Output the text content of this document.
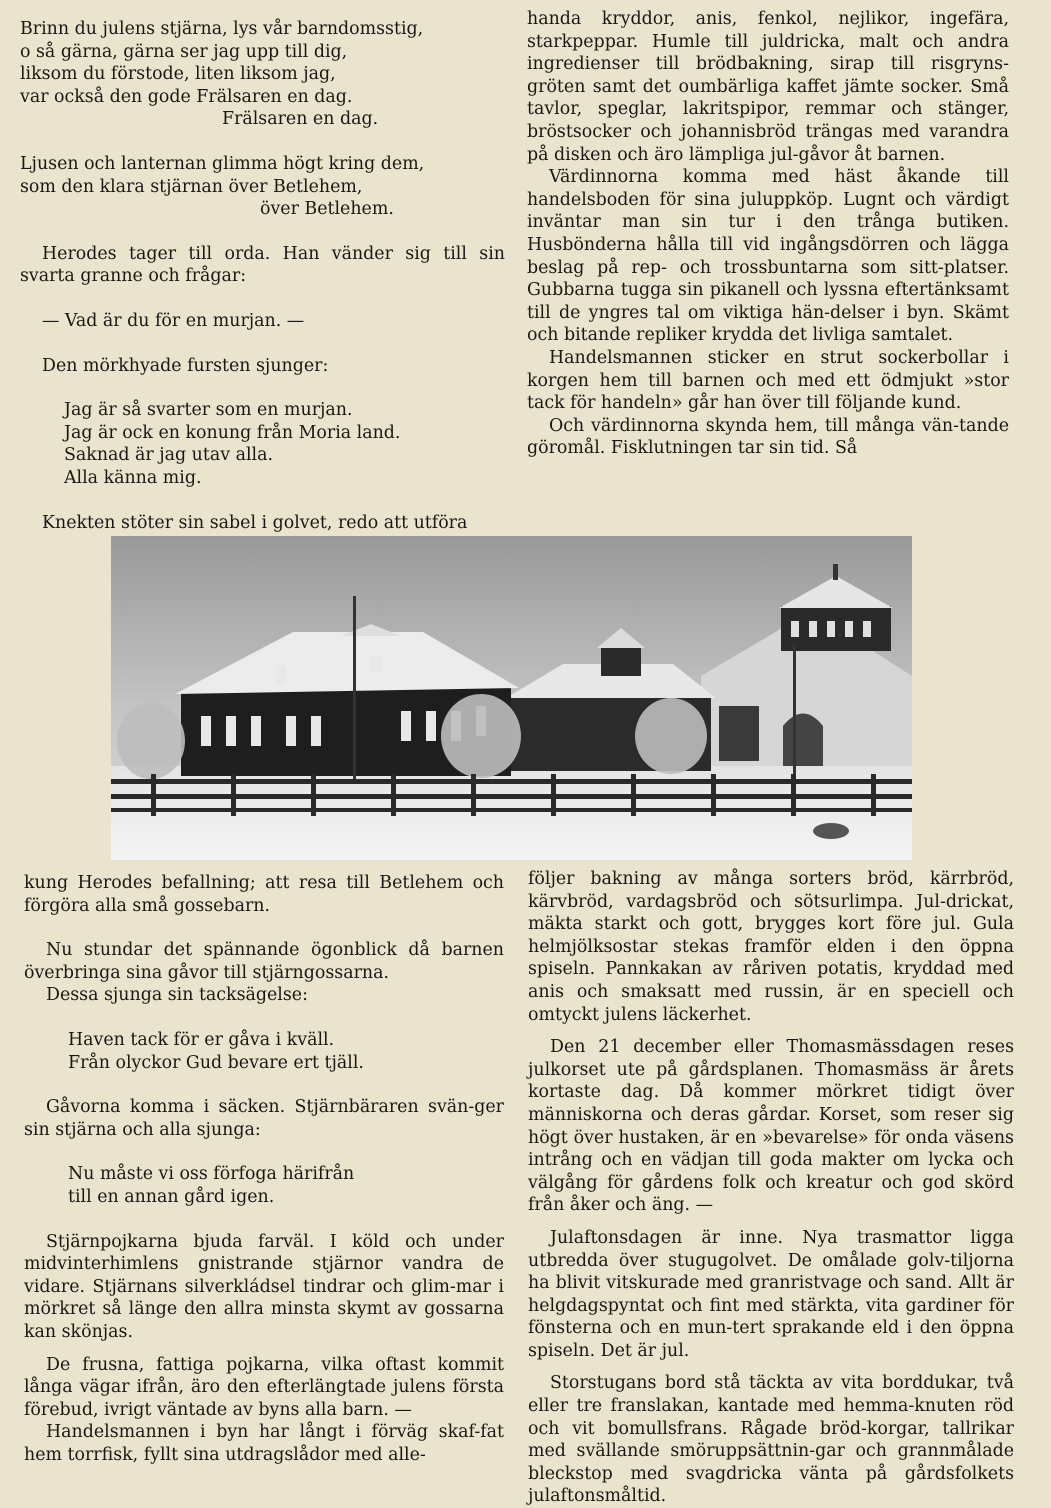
Brinn du julens stjärna, lys vår barndomsstig,

o så gärna, gärna ser jag upp till dig,

liksom du förstode, liten liksom jag,

var också den gode Frälsaren en dag.

Frälsaren en dag.

Ljusen och lanternan glimma högt kring dem,

som den klara stjärnan över Betlehem,

över Betlehem.

Herodes tager till orda. Han vänder sig till sin svarta granne och frågar:

— Vad är du för en murjan. —

Den mörkhyade fursten sjunger:

Jag är så svarter som en murjan.

Jag är ock en konung från Moria land.

Saknad är jag utav alla.

Alla känna mig.

Knekten stöter sin sabel i golvet, redo att utföra

handa kryddor, anis, fenkol, nejlikor, ingefära, starkpeppar. Humle till juldricka, malt och andra ingredienser till brödbakning, sirap till risgryns-gröten samt det oumbärliga kaffet jämte socker. Små tavlor, speglar, lakritspipor, remmar och stänger, bröstsocker och johannisbröd trängas med varandra på disken och äro lämpliga jul-gåvor åt barnen.

Värdinnorna komma med häst åkande till handelsboden för sina juluppköp. Lugnt och värdigt inväntar man sin tur i den trånga butiken. Husbönderna hålla till vid ingångsdörren och lägga beslag på rep- och trossbuntarna som sitt-platser. Gubbarna tugga sin pikanell och lyssna eftertänksamt till de yngres tal om viktiga hän-delser i byn. Skämt och bitande repliker krydda det livliga samtalet.

Handelsmannen sticker en strut sockerbollar i korgen hem till barnen och med ett ödmjukt »stor tack för handeln» går han över till följande kund.

Och värdinnorna skynda hem, till många vän-tande göromål. Fisklutningen tar sin tid. Så

kung Herodes befallning; att resa till Betlehem och förgöra alla små gossebarn.

Nu stundar det spännande ögonblick då barnen överbringa sina gåvor till stjärngossarna.

Dessa sjunga sin tacksägelse:

Haven tack för er gåva i kväll.

Från olyckor Gud bevare ert tjäll.

Gåvorna komma i säcken. Stjärnbäraren svän-ger sin stjärna och alla sjunga:

Nu måste vi oss förfoga härifrån

till en annan gård igen.

Stjärnpojkarna bjuda farväl. I köld och under midvinterhimlens gnistrande stjärnor vandra de vidare. Stjärnans silverkládsel tindrar och glim-mar i mörkret så länge den allra minsta skymt av gossarna kan skönjas.

De frusna, fattiga pojkarna, vilka oftast kommit långa vägar ifrån, äro den efterlängtade julens första förebud, ivrigt väntade av byns alla barn. —

Handelsmannen i byn har långt i förväg skaf-fat hem torrfisk, fyllt sina utdragslådor med alle-

följer bakning av många sorters bröd, kärrbröd, kärvbröd, vardagsbröd och sötsurlimpa. Jul-drickat, mäkta starkt och gott, brygges kort före jul. Gula helmjölksostar stekas framför elden i den öppna spiseln. Pannkakan av råriven potatis, kryddad med anis och smaksatt med russin, är en speciell och omtyckt julens läckerhet.

Den 21 december eller Thomasmässdagen reses julkorset ute på gårdsplanen. Thomasmäss är årets kortaste dag. Då kommer mörkret tidigt över människorna och deras gårdar. Korset, som reser sig högt över hustaken, är en »bevarelse» för onda väsens intrång och en vädjan till goda makter om lycka och välgång för gårdens folk och kreatur och god skörd från åker och äng. —

Julaftonsdagen är inne. Nya trasmattor ligga utbredda över stugugolvet. De omålade golv-tiljorna ha blivit vitskurade med granristvage och sand. Allt är helgdagspyntat och fint med stärkta, vita gardiner för fönsterna och en mun-tert sprakande eld i den öppna spiseln. Det är jul.

Storstugans bord stå täckta av vita borddukar, två eller tre franslakan, kantade med hemma-knuten röd och vit bomullsfrans. Rågade bröd-korgar, tallrikar med svällande smöruppsättnin-gar och grannmålade bleckstop med svagdricka vänta på gårdsfolkets julaftonsmåltid.
